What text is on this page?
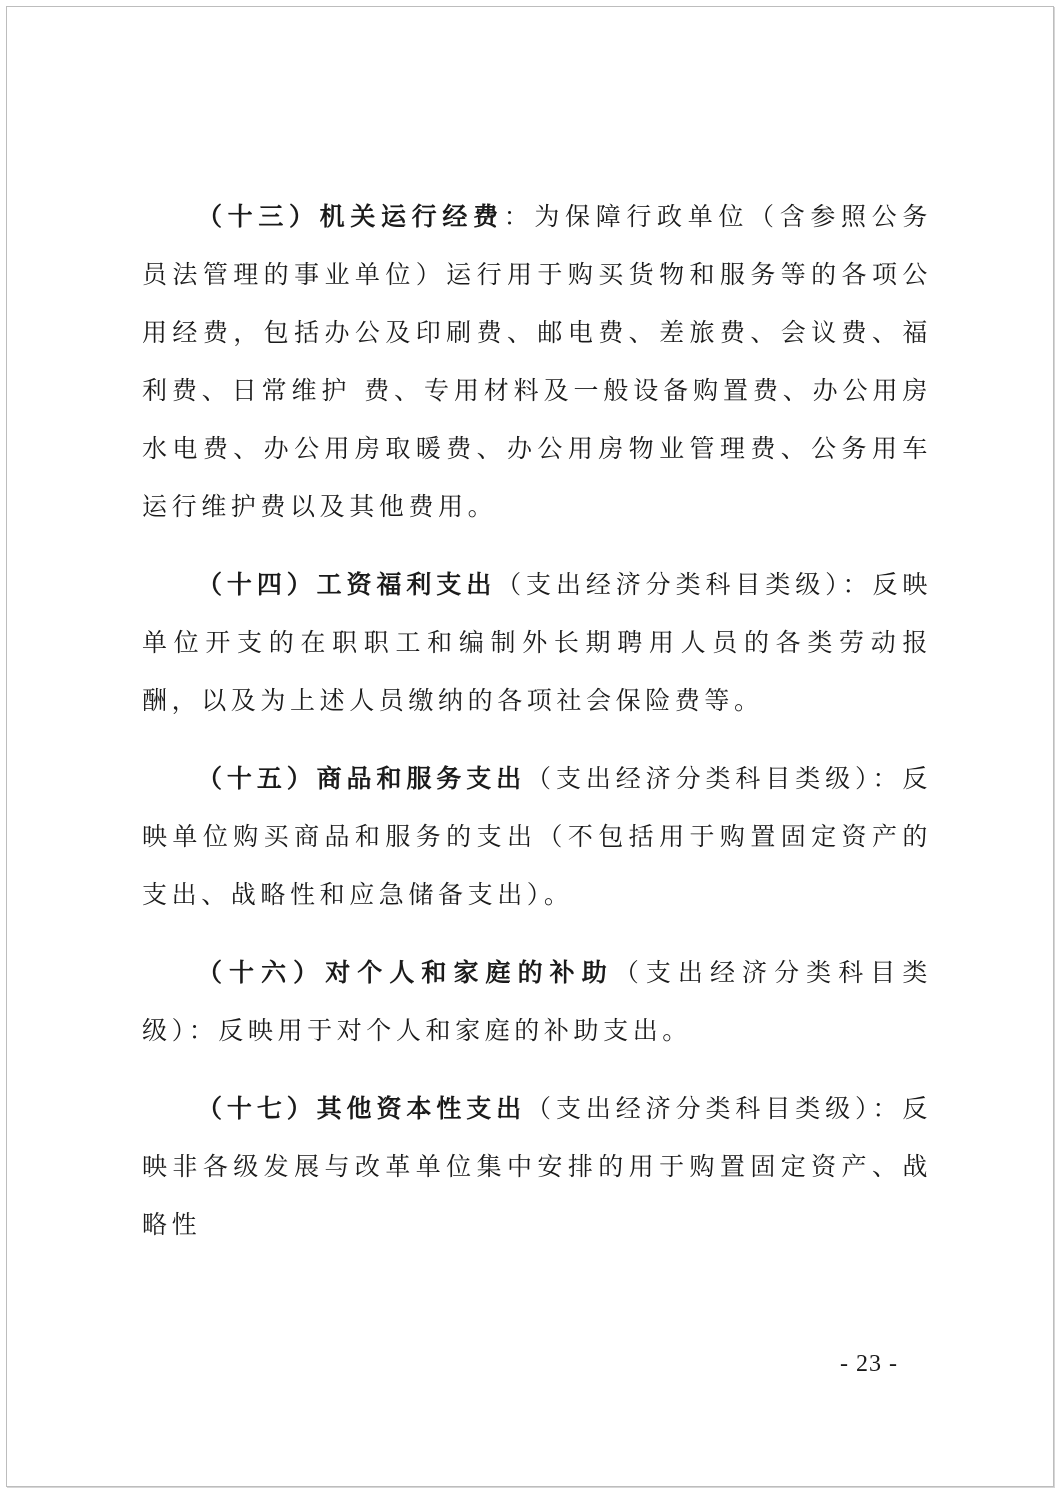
（十三）机关运行经费：为保障行政单位（含参照公务员法管理的事业单位）运行用于购买货物和服务等的各项公用经费，包括办公及印刷费、邮电费、差旅费、会议费、福利费、日常维护 费、专用材料及一般设备购置费、办公用房水电费、办公用房取暖费、办公用房物业管理费、公务用车运行维护费以及其他费用。

（十四）工资福利支出（支出经济分类科目类级）：反映单位开支的在职职工和编制外长期聘用人员的各类劳动报酬，以及为上述人员缴纳的各项社会保险费等。

（十五）商品和服务支出（支出经济分类科目类级）：反映单位购买商品和服务的支出（不包括用于购置固定资产的支出、战略性和应急储备支出）。

（十六）对个人和家庭的补助（支出经济分类科目类级）：反映用于对个人和家庭的补助支出。

（十七）其他资本性支出（支出经济分类科目类级）：反映非各级发展与改革单位集中安排的用于购置固定资产、战略性

- 23 -
